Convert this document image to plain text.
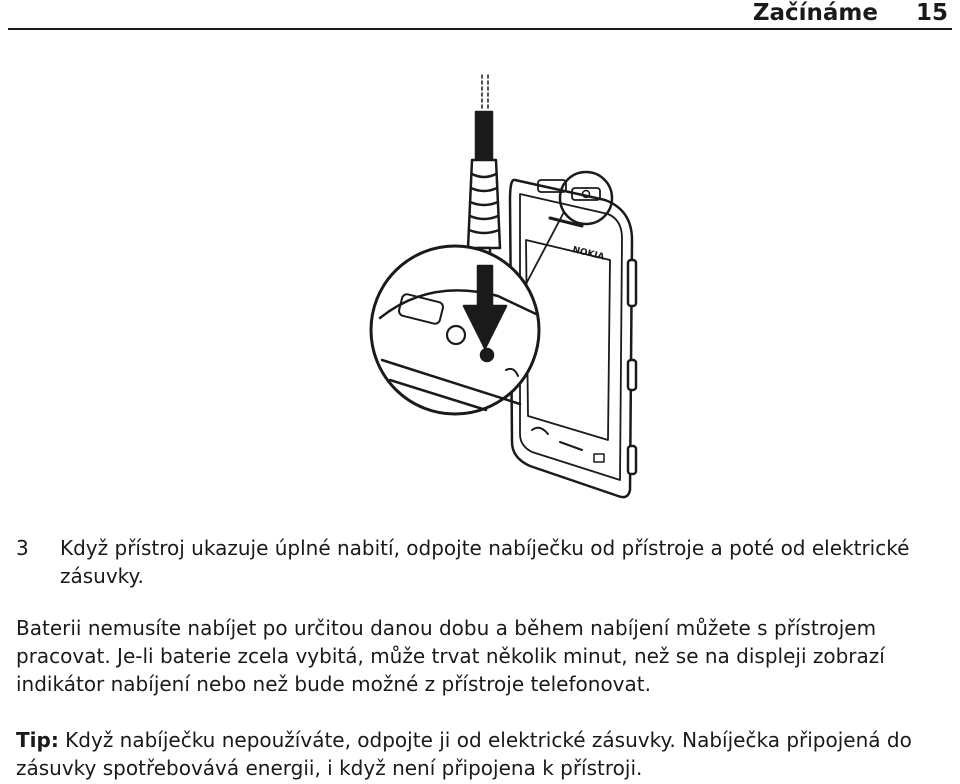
Začínáme 15
NOKIA
3 Když přístroj ukazuje úplné nabití, odpojte nabíječku od přístroje a poté od elektrické zásuvky.
Baterii nemusíte nabíjet po určitou danou dobu a během nabíjení můžete s přístrojem pracovat. Je-li baterie zcela vybitá, může trvat několik minut, než se na displeji zobrazí indikátor nabíjení nebo než bude možné z přístroje telefonovat.
Tip: Když nabíječku nepoužíváte, odpojte ji od elektrické zásuvky. Nabíječka připojená do zásuvky spotřebovává energii, i když není připojena k přístroji.
